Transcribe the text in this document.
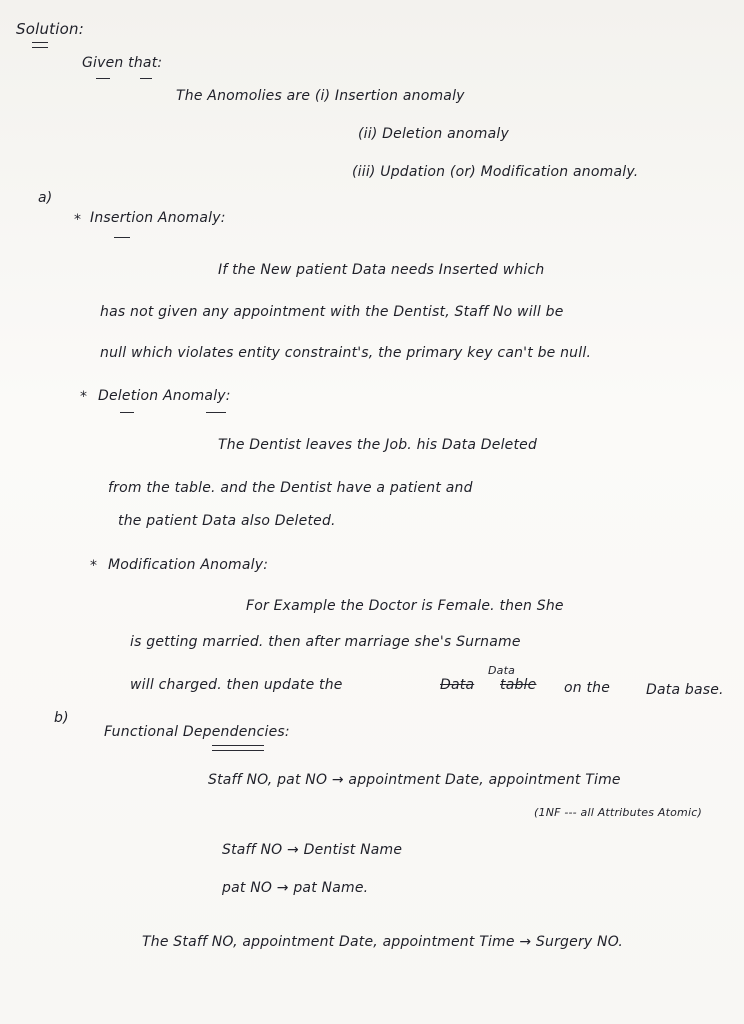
Solution:
Given that:
The Anomolies are (i) Insertion anomaly
(ii) Deletion anomaly
(iii) Updation (or) Modification anomaly.
a)
* Insertion Anomaly:
If the New patient Data needs Inserted which
has not given any appointment with the Dentist, Staff No will be
null which violates entity constraint's, the primary key can't be null.
* Deletion Anomaly:
The Dentist leaves the Job. his Data Deleted
from the table. and the Dentist have a patient and
the patient Data also Deleted.
* Modification Anomaly:
For Example the Doctor is Female. then She
is getting married. then after marriage she's Surname
will charged. then update the	Data
Data
table on the	Data base.
b)
Functional Dependencies:
Staff NO, pat NO → appointment Date, appointment Time
(1NF --- all Attributes Atomic)
Staff NO → Dentist Name
pat NO → pat Name.
The Staff NO, appointment Date, appointment Time → Surgery NO.
